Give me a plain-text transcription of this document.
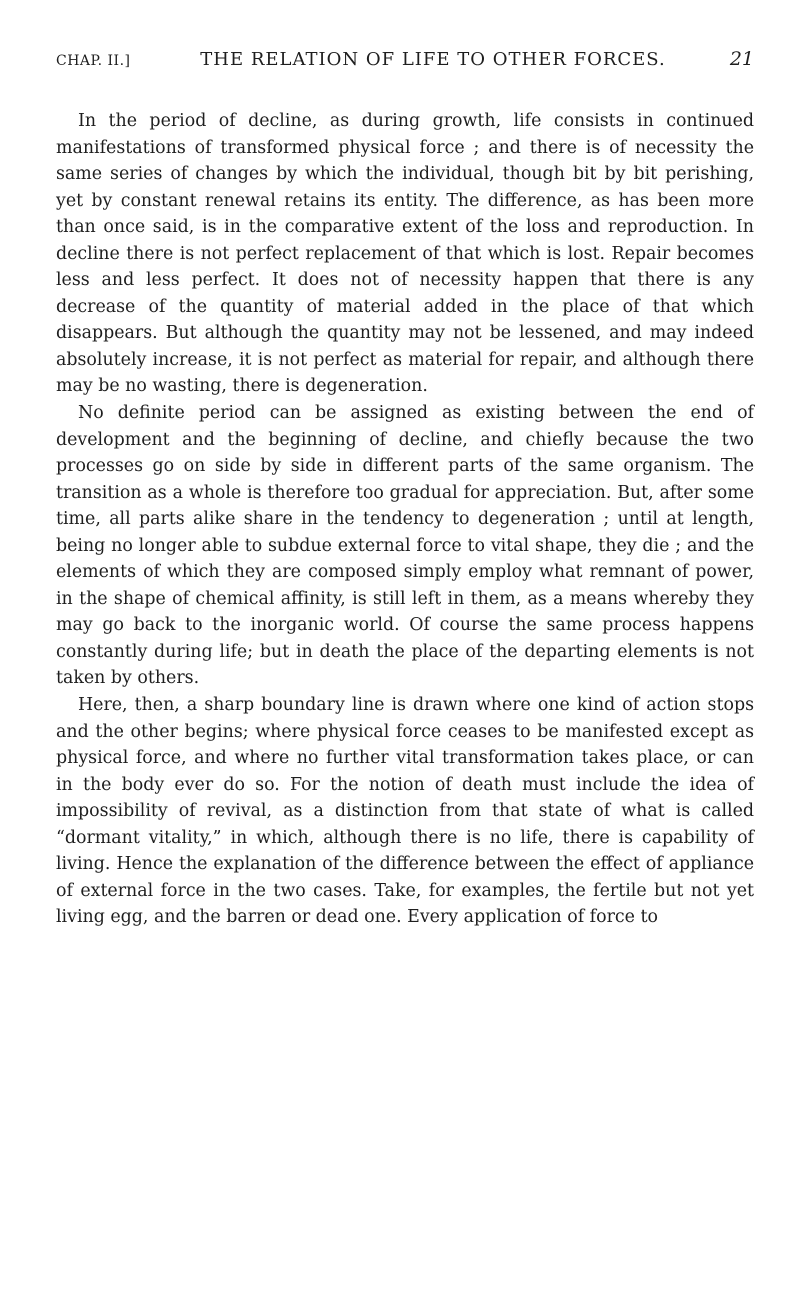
CHAP. II.]	THE RELATION OF LIFE TO OTHER FORCES.	21

In the period of decline, as during growth, life consists in continued manifestations of transformed physical force ; and there is of necessity the same series of changes by which the individual, though bit by bit perishing, yet by constant renewal retains its entity. The difference, as has been more than once said, is in the comparative extent of the loss and reproduction. In decline there is not perfect replacement of that which is lost. Repair becomes less and less perfect. It does not of necessity happen that there is any decrease of the quantity of material added in the place of that which disappears. But although the quantity may not be lessened, and may indeed absolutely increase, it is not perfect as material for repair, and although there may be no wasting, there is degeneration.

No definite period can be assigned as existing between the end of development and the beginning of decline, and chiefly because the two processes go on side by side in different parts of the same organism. The transition as a whole is therefore too gradual for appreciation. But, after some time, all parts alike share in the tendency to degeneration ; until at length, being no longer able to subdue external force to vital shape, they die ; and the elements of which they are composed simply employ what remnant of power, in the shape of chemical affinity, is still left in them, as a means whereby they may go back to the inorganic world. Of course the same process happens constantly during life; but in death the place of the departing elements is not taken by others.

Here, then, a sharp boundary line is drawn where one kind of action stops and the other begins; where physical force ceases to be manifested except as physical force, and where no further vital transformation takes place, or can in the body ever do so. For the notion of death must include the idea of impossibility of revival, as a distinction from that state of what is called “dormant vitality,” in which, although there is no life, there is capability of living. Hence the explanation of the difference between the effect of appliance of external force in the two cases. Take, for examples, the fertile but not yet living egg, and the barren or dead one. Every application of force to
